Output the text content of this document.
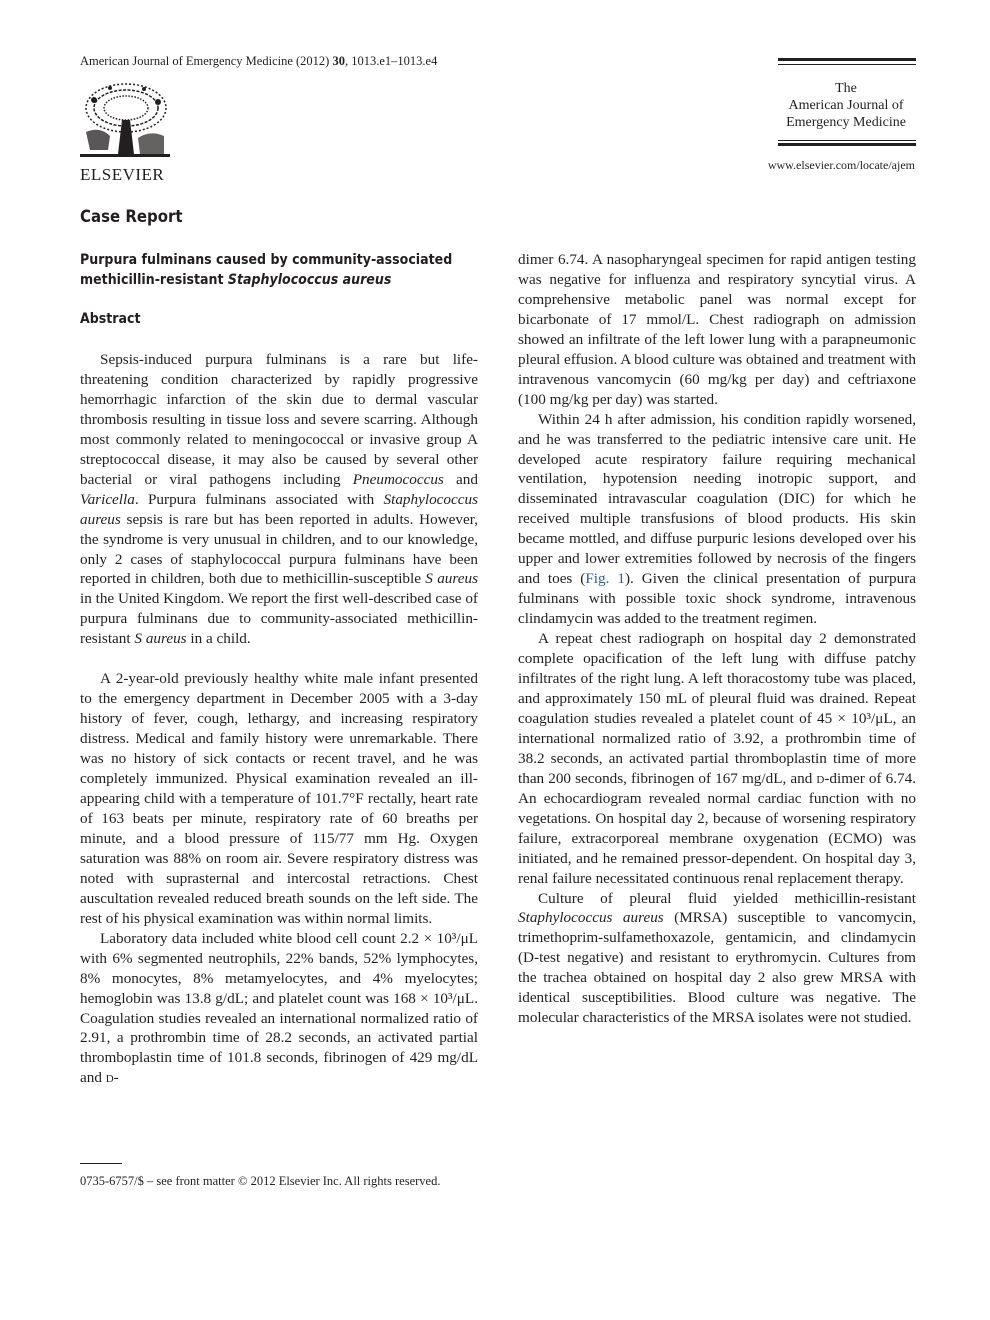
American Journal of Emergency Medicine (2012) 30, 1013.e1–1013.e4
ELSEVIER
The
American Journal of
Emergency Medicine
www.elsevier.com/locate/ajem
Case Report
Purpura fulminans caused by community-associated methicillin-resistant Staphylococcus aureus
Abstract

Sepsis-induced purpura fulminans is a rare but life-threatening condition characterized by rapidly progressive hemorrhagic infarction of the skin due to dermal vascular thrombosis resulting in tissue loss and severe scarring. Although most commonly related to meningococcal or invasive group A streptococcal disease, it may also be caused by several other bacterial or viral pathogens including Pneumococcus and Varicella. Purpura fulminans associated with Staphylococcus aureus sepsis is rare but has been reported in adults. However, the syndrome is very unusual in children, and to our knowledge, only 2 cases of staphylococcal purpura fulminans have been reported in children, both due to methicillin-susceptible S aureus in the United Kingdom. We report the first well-described case of purpura fulminans due to community-associated methicillin-resistant S aureus in a child.

A 2-year-old previously healthy white male infant presented to the emergency department in December 2005 with a 3-day history of fever, cough, lethargy, and increasing respiratory distress. Medical and family history were unremarkable. There was no history of sick contacts or recent travel, and he was completely immunized. Physical examination revealed an ill-appearing child with a temperature of 101.7°F rectally, heart rate of 163 beats per minute, respiratory rate of 60 breaths per minute, and a blood pressure of 115/77 mm Hg. Oxygen saturation was 88% on room air. Severe respiratory distress was noted with suprasternal and intercostal retractions. Chest auscultation revealed reduced breath sounds on the left side. The rest of his physical examination was within normal limits.

Laboratory data included white blood cell count 2.2 × 10³/μL with 6% segmented neutrophils, 22% bands, 52% lymphocytes, 8% monocytes, 8% metamyelocytes, and 4% myelocytes; hemoglobin was 13.8 g/dL; and platelet count was 168 × 10³/μL. Coagulation studies revealed an international normalized ratio of 2.91, a prothrombin time of 28.2 seconds, an activated partial thromboplastin time of 101.8 seconds, fibrinogen of 429 mg/dL and d-

0735-6757/$ – see front matter © 2012 Elsevier Inc. All rights reserved.

dimer 6.74. A nasopharyngeal specimen for rapid antigen testing was negative for influenza and respiratory syncytial virus. A comprehensive metabolic panel was normal except for bicarbonate of 17 mmol/L. Chest radiograph on admission showed an infiltrate of the left lower lung with a parapneumonic pleural effusion. A blood culture was obtained and treatment with intravenous vancomycin (60 mg/kg per day) and ceftriaxone (100 mg/kg per day) was started.

Within 24 h after admission, his condition rapidly worsened, and he was transferred to the pediatric intensive care unit. He developed acute respiratory failure requiring mechanical ventilation, hypotension needing inotropic support, and disseminated intravascular coagulation (DIC) for which he received multiple transfusions of blood products. His skin became mottled, and diffuse purpuric lesions developed over his upper and lower extremities followed by necrosis of the fingers and toes (Fig. 1). Given the clinical presentation of purpura fulminans with possible toxic shock syndrome, intravenous clindamycin was added to the treatment regimen.

A repeat chest radiograph on hospital day 2 demonstrated complete opacification of the left lung with diffuse patchy infiltrates of the right lung. A left thoracostomy tube was placed, and approximately 150 mL of pleural fluid was drained. Repeat coagulation studies revealed a platelet count of 45 × 10³/μL, an international normalized ratio of 3.92, a prothrombin time of 38.2 seconds, an activated partial thromboplastin time of more than 200 seconds, fibrinogen of 167 mg/dL, and d-dimer of 6.74. An echocardiogram revealed normal cardiac function with no vegetations. On hospital day 2, because of worsening respiratory failure, extracorporeal membrane oxygenation (ECMO) was initiated, and he remained pressor-dependent. On hospital day 3, renal failure necessitated continuous renal replacement therapy.

Culture of pleural fluid yielded methicillin-resistant Staphylococcus aureus (MRSA) susceptible to vancomycin, trimethoprim-sulfamethoxazole, gentamicin, and clindamycin (D-test negative) and resistant to erythromycin. Cultures from the trachea obtained on hospital day 2 also grew MRSA with identical susceptibilities. Blood culture was negative. The molecular characteristics of the MRSA isolates were not studied.
